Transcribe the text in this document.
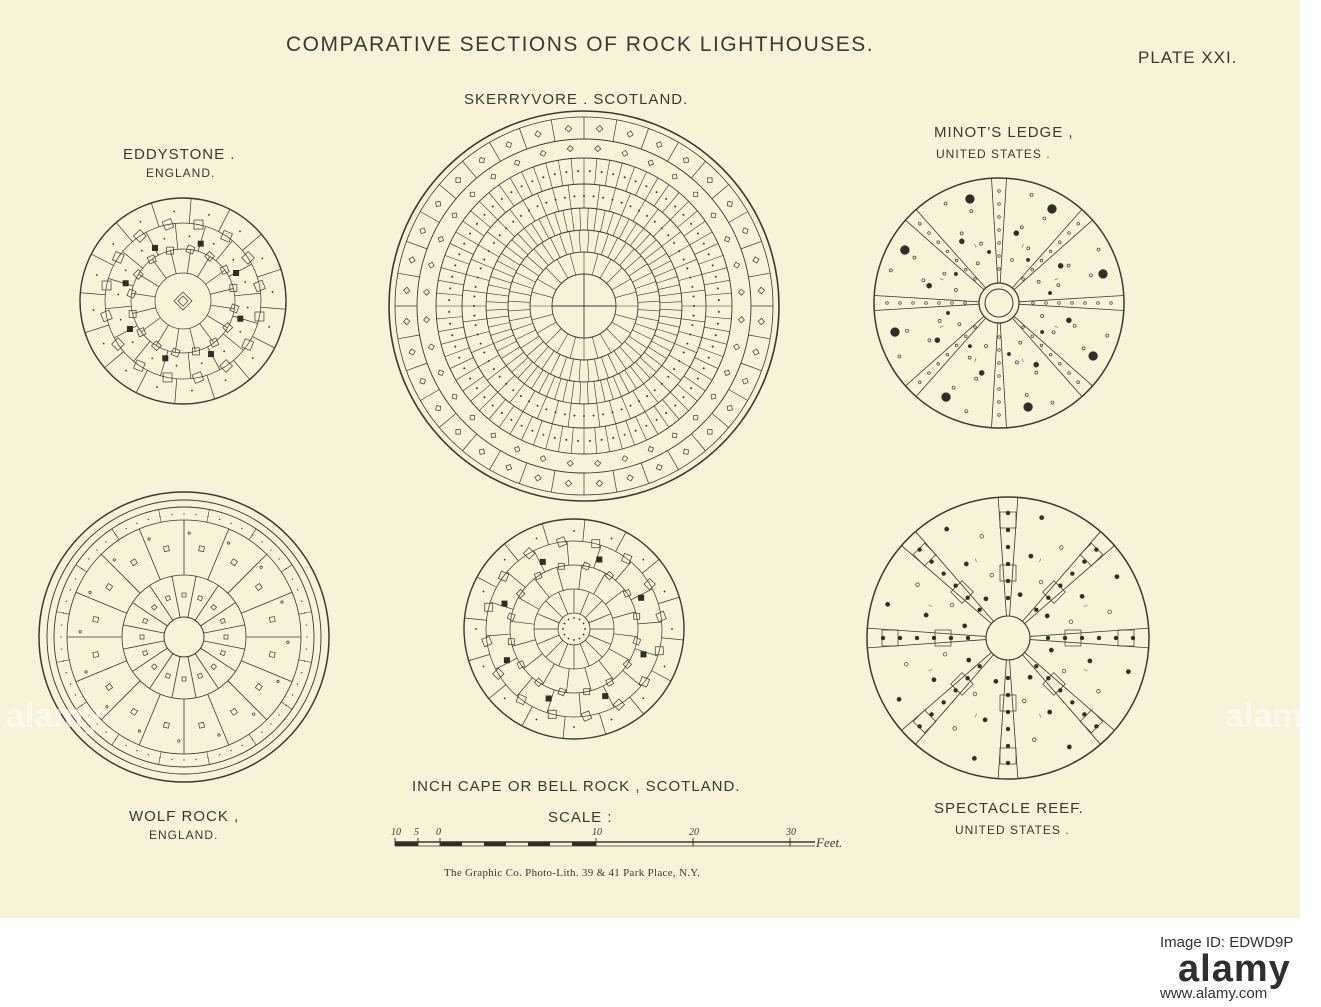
COMPARATIVE SECTIONS OF ROCK LIGHTHOUSES.
PLATE XXI.
SKERRYVORE . SCOTLAND.
EDDYSTONE .
ENGLAND.
MINOT'S LEDGE ,
UNITED STATES .
INCH CAPE OR BELL ROCK , SCOTLAND.
WOLF ROCK ,
ENGLAND.
SPECTACLE REEF.
UNITED STATES .
SCALE :
10 5 0	10	20	30
Feet.
The Graphic Co. Photo-Lith. 39 & 41 Park Place, N.Y.
alamy	alamy
alamy
Image ID: EDWD9P
www.alamy.com
